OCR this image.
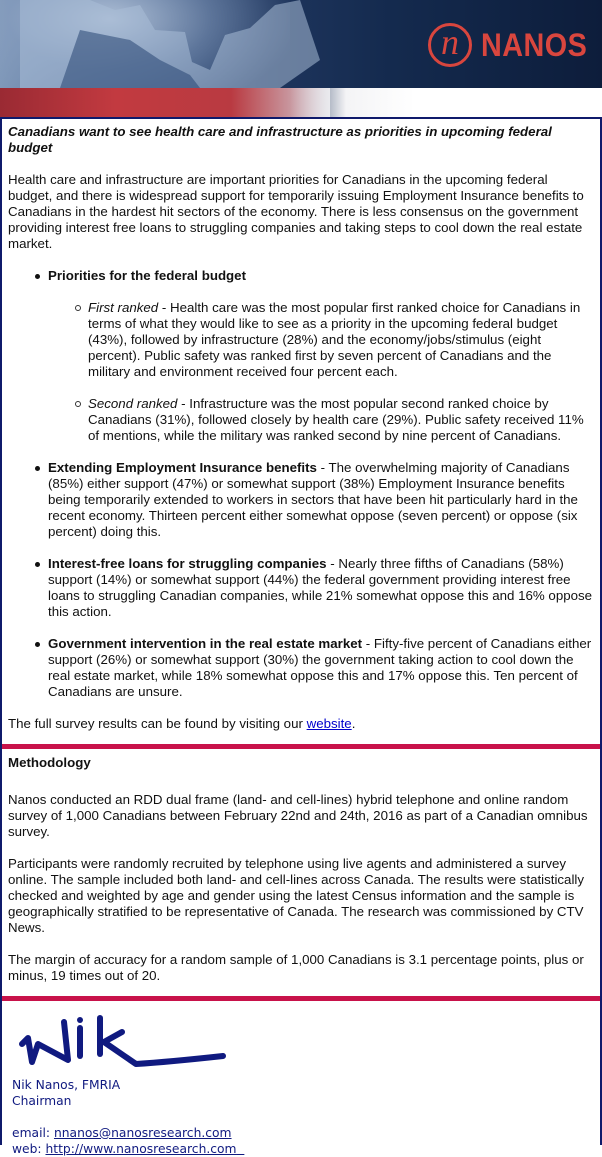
n NANOS

Canadians want to see health care and infrastructure as priorities in upcoming federal budget

Health care and infrastructure are important priorities for Canadians in the upcoming federal budget, and there is widespread support for temporarily issuing Employment Insurance benefits to Canadians in the hardest hit sectors of the economy. There is less consensus on the government providing interest free loans to struggling companies and taking steps to cool down the real estate market.

Priorities for the federal budget
First ranked - Health care was the most popular first ranked choice for Canadians in terms of what they would like to see as a priority in the upcoming federal budget (43%), followed by infrastructure (28%) and the economy/jobs/stimulus (eight percent). Public safety was ranked first by seven percent of Canadians and the military and environment received four percent each.
Second ranked - Infrastructure was the most popular second ranked choice by Canadians (31%), followed closely by health care (29%). Public safety received 11% of mentions, while the military was ranked second by nine percent of Canadians.
Extending Employment Insurance benefits - The overwhelming majority of Canadians (85%) either support (47%) or somewhat support (38%) Employment Insurance benefits being temporarily extended to workers in sectors that have been hit particularly hard in the recent economy. Thirteen percent either somewhat oppose (seven percent) or oppose (six percent) doing this.
Interest-free loans for struggling companies - Nearly three fifths of Canadians (58%) support (14%) or somewhat support (44%) the federal government providing interest free loans to struggling Canadian companies, while 21% somewhat oppose this and 16% oppose this action.
Government intervention in the real estate market - Fifty-five percent of Canadians either support (26%) or somewhat support (30%) the government taking action to cool down the real estate market, while 18% somewhat oppose this and 17% oppose this. Ten percent of Canadians are unsure.

The full survey results can be found by visiting our website.

Methodology

Nanos conducted an RDD dual frame (land- and cell-lines) hybrid telephone and online random survey of 1,000 Canadians between February 22nd and 24th, 2016 as part of a Canadian omnibus survey.

Participants were randomly recruited by telephone using live agents and administered a survey online. The sample included both land- and cell-lines across Canada. The results were statistically checked and weighted by age and gender using the latest Census information and the sample is geographically stratified to be representative of Canada. The research was commissioned by CTV News.

The margin of accuracy for a random sample of 1,000 Canadians is 3.1 percentage points, plus or minus, 19 times out of 20.

Nik Nanos, FMRIA

Chairman

email: nnanos@nanosresearch.com

web: http://www.nanosresearch.com
